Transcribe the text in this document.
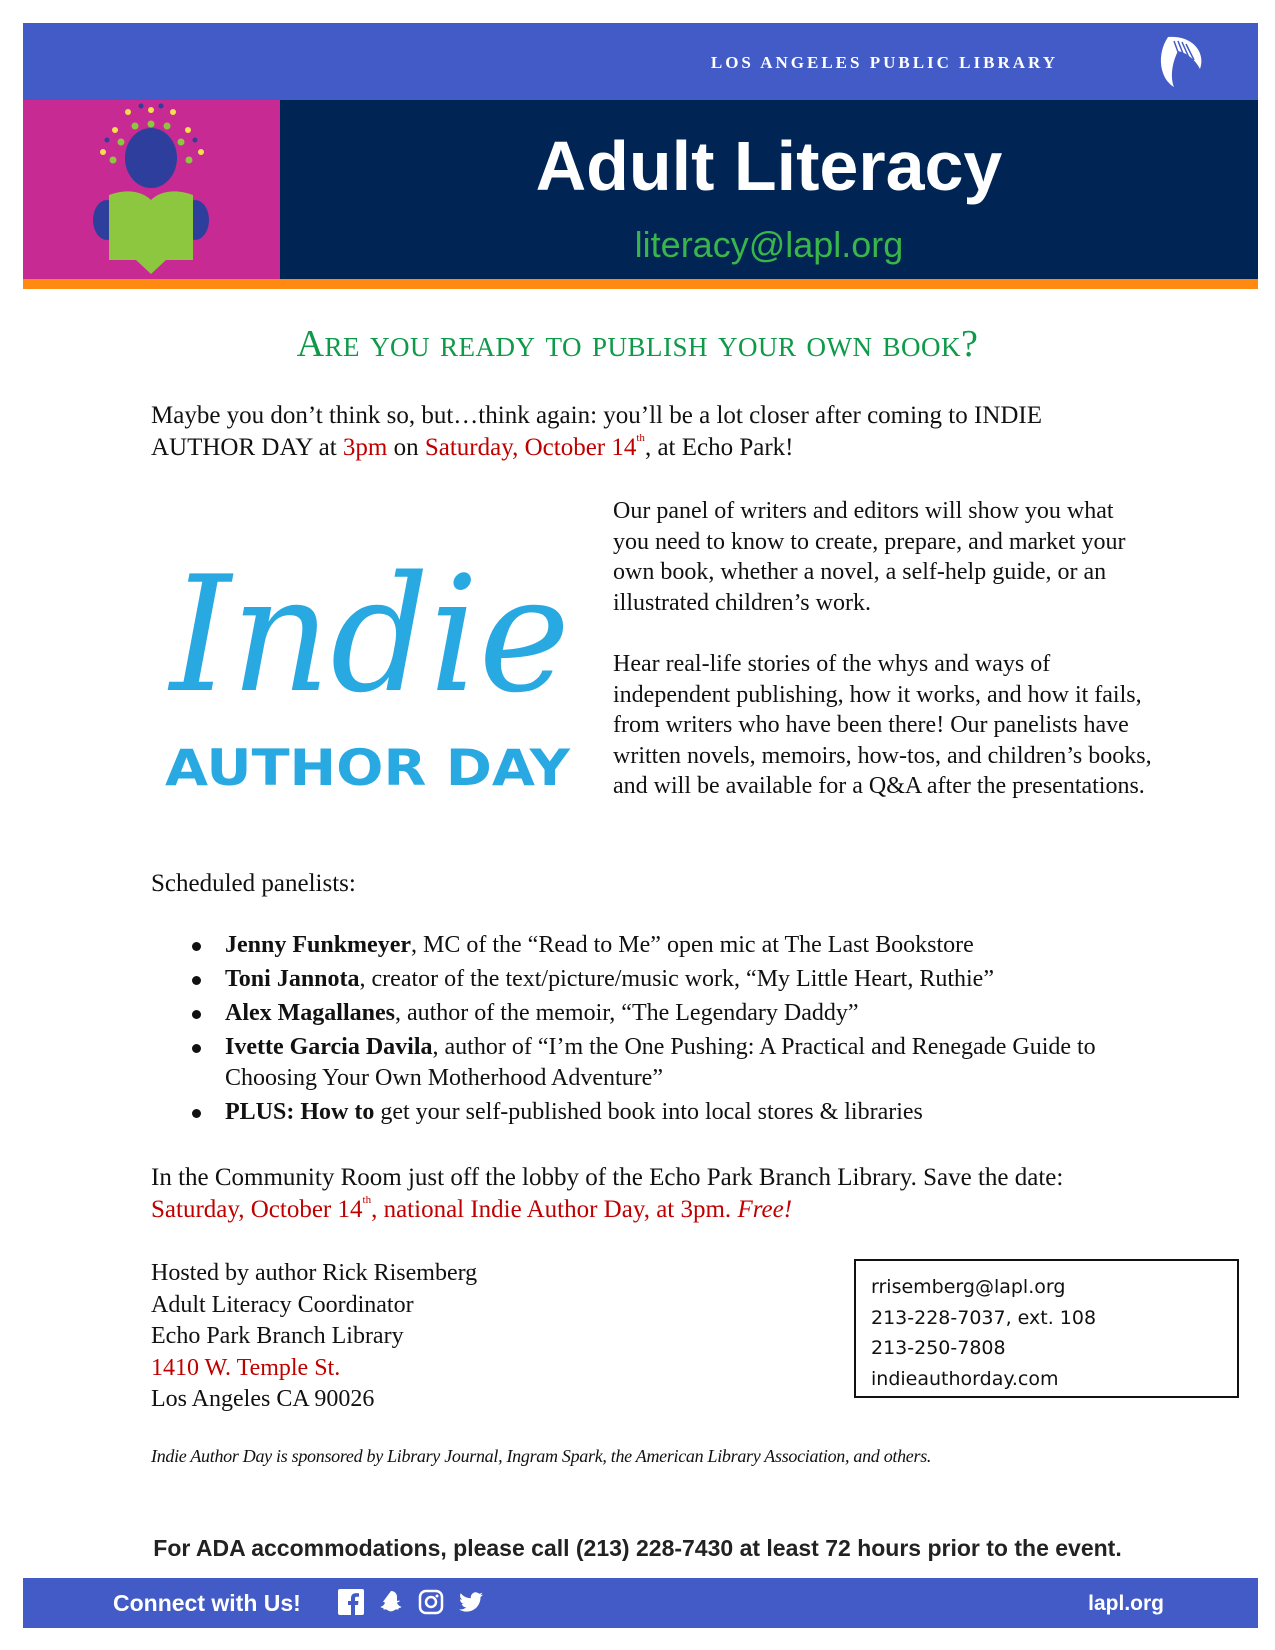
LOS ANGELES PUBLIC LIBRARY
Adult Literacy
literacy@lapl.org
Are you ready to publish your own book?
Maybe you don’t think so, but…think again: you’ll be a lot closer after coming to INDIE AUTHOR DAY at 3pm on Saturday, October 14th, at Echo Park!
Indie
AUTHOR DAY

Our panel of writers and editors will show you what you need to know to create, prepare, and market your own book, whether a novel, a self-help guide, or an illustrated children’s work.

Hear real-life stories of the whys and ways of independent publishing, how it works, and how it fails, from writers who have been there! Our panelists have written novels, memoirs, how-tos, and children’s books, and will be available for a Q&A after the presentations.

Scheduled panelists:
Jenny Funkmeyer, MC of the “Read to Me” open mic at The Last Bookstore
Toni Jannota, creator of the text/picture/music work, “My Little Heart, Ruthie”
Alex Magallanes, author of the memoir, “The Legendary Daddy”
Ivette Garcia Davila, author of “I’m the One Pushing: A Practical and Renegade Guide to Choosing Your Own Motherhood Adventure”
PLUS: How to get your self-published book into local stores & libraries
In the Community Room just off the lobby of the Echo Park Branch Library. Save the date: Saturday, October 14th, national Indie Author Day, at 3pm. Free!
Hosted by author Rick Risemberg
Adult Literacy Coordinator
Echo Park Branch Library
1410 W. Temple St.
Los Angeles CA 90026
rrisemberg@lapl.org
213-228-7037, ext. 108
213-250-7808
indieauthorday.com
Indie Author Day is sponsored by Library Journal, Ingram Spark, the American Library Association, and others.
For ADA accommodations, please call (213) 228-7430 at least 72 hours prior to the event.
Connect with Us!	lapl.org
